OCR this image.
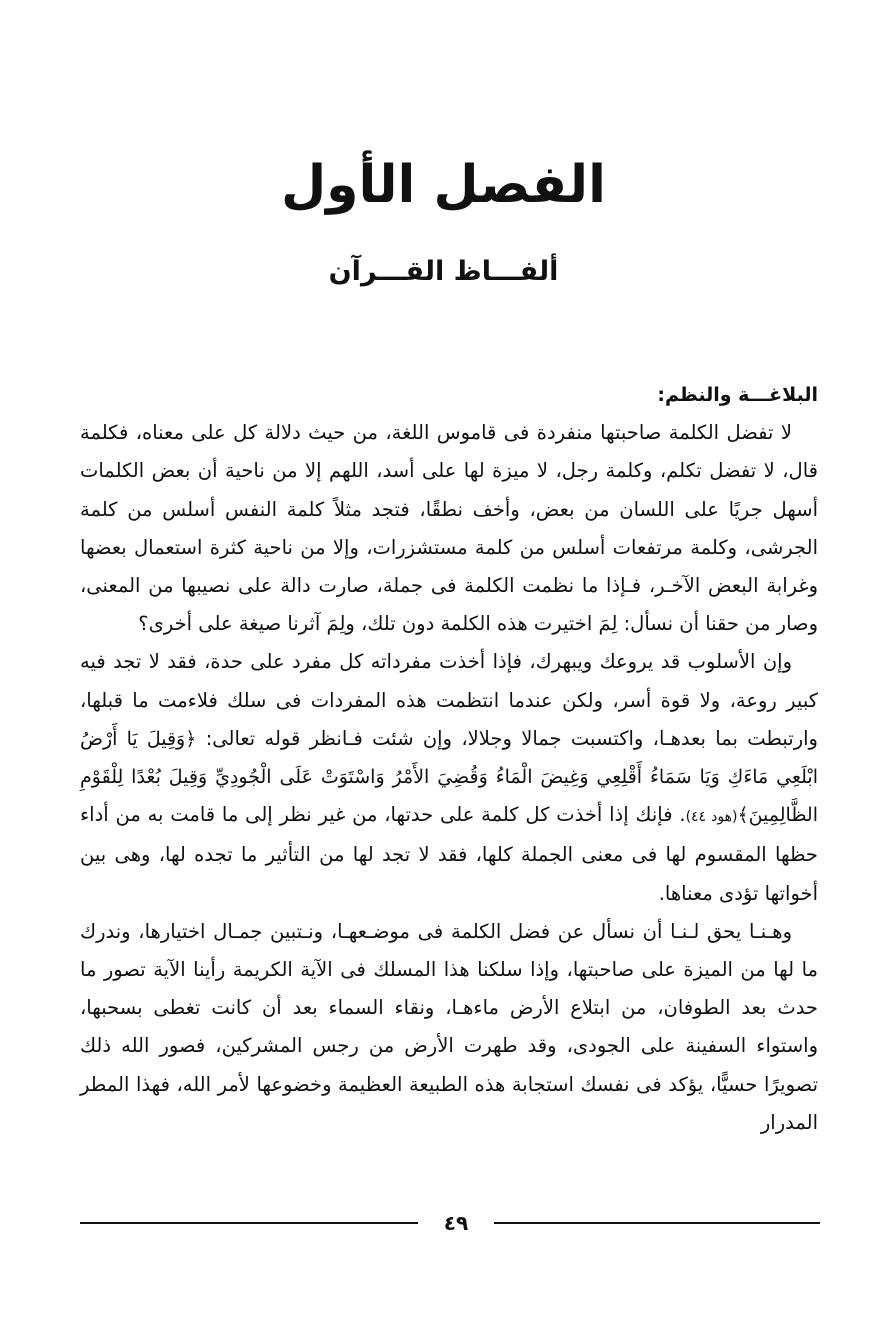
الفصل الأول
ألفـــاظ القـــرآن
البلاغـــة والنظم:

لا تفضل الكلمة صاحبتها منفردة فى قاموس اللغة، من حيث دلالة كل على معناه، فكلمة قال، لا تفضل تكلم، وكلمة رجل، لا ميزة لها على أسد، اللهم إلا من ناحية أن بعض الكلمات أسهل جريًا على اللسان من بعض، وأخف نطقًا، فتجد مثلاً كلمة النفس أسلس من كلمة الجرشى، وكلمة مرتفعات أسلس من كلمة مستشزرات، وإلا من ناحية كثرة استعمال بعضها وغرابة البعض الآخـر، فـإذا ما نظمت الكلمة فى جملة، صارت دالة على نصيبها من المعنى، وصار من حقنا أن نسأل: لِمَ اختيرت هذه الكلمة دون تلك، ولِمَ آثرنا صيغة على أخرى؟

وإن الأسلوب قد يروعك ويبهرك، فإذا أخذت مفرداته كل مفرد على حدة، فقد لا تجد فيه كبير روعة، ولا قوة أسر، ولكن عندما انتظمت هذه المفردات فى سلك فلاءمت ما قبلها، وارتبطت بما بعدهـا، واكتسبت جمالا وجلالا، وإن شئت فـانظر قوله تعالى: ﴿وَقِيلَ يَا أَرْضُ ابْلَعِي مَاءَكِ وَيَا سَمَاءُ أَقْلِعِي وَغِيضَ الْمَاءُ وَقُضِيَ الأَمْرُ وَاسْتَوَتْ عَلَى الْجُودِيِّ وَقِيلَ بُعْدًا لِلْقَوْمِ الظَّالِمِينَ﴾(هود ٤٤). فإنك إذا أخذت كل كلمة على حدتها، من غير نظر إلى ما قامت به من أداء حظها المقسوم لها فى معنى الجملة كلها، فقد لا تجد لها من التأثير ما تجده لها، وهى بين أخواتها تؤدى معناها.

وهـنـا يحق لـنـا أن نسأل عن فضل الكلمة فى موضـعهـا، ونـتبين جمـال اختيارها، وندرك ما لها من الميزة على صاحبتها، وإذا سلكنا هذا المسلك فى الآية الكريمة رأينا الآية تصور ما حدث بعد الطوفان، من ابتلاع الأرض ماءهـا، ونقاء السماء بعد أن كانت تغطى بسحبها، واستواء السفينة على الجودى، وقد طهرت الأرض من رجس المشركين، فصور الله ذلك تصويرًا حسيًّا، يؤكد فى نفسك استجابة هذه الطبيعة العظيمة وخضوعها لأمر الله، فهذا المطر المدرار

٤٩
